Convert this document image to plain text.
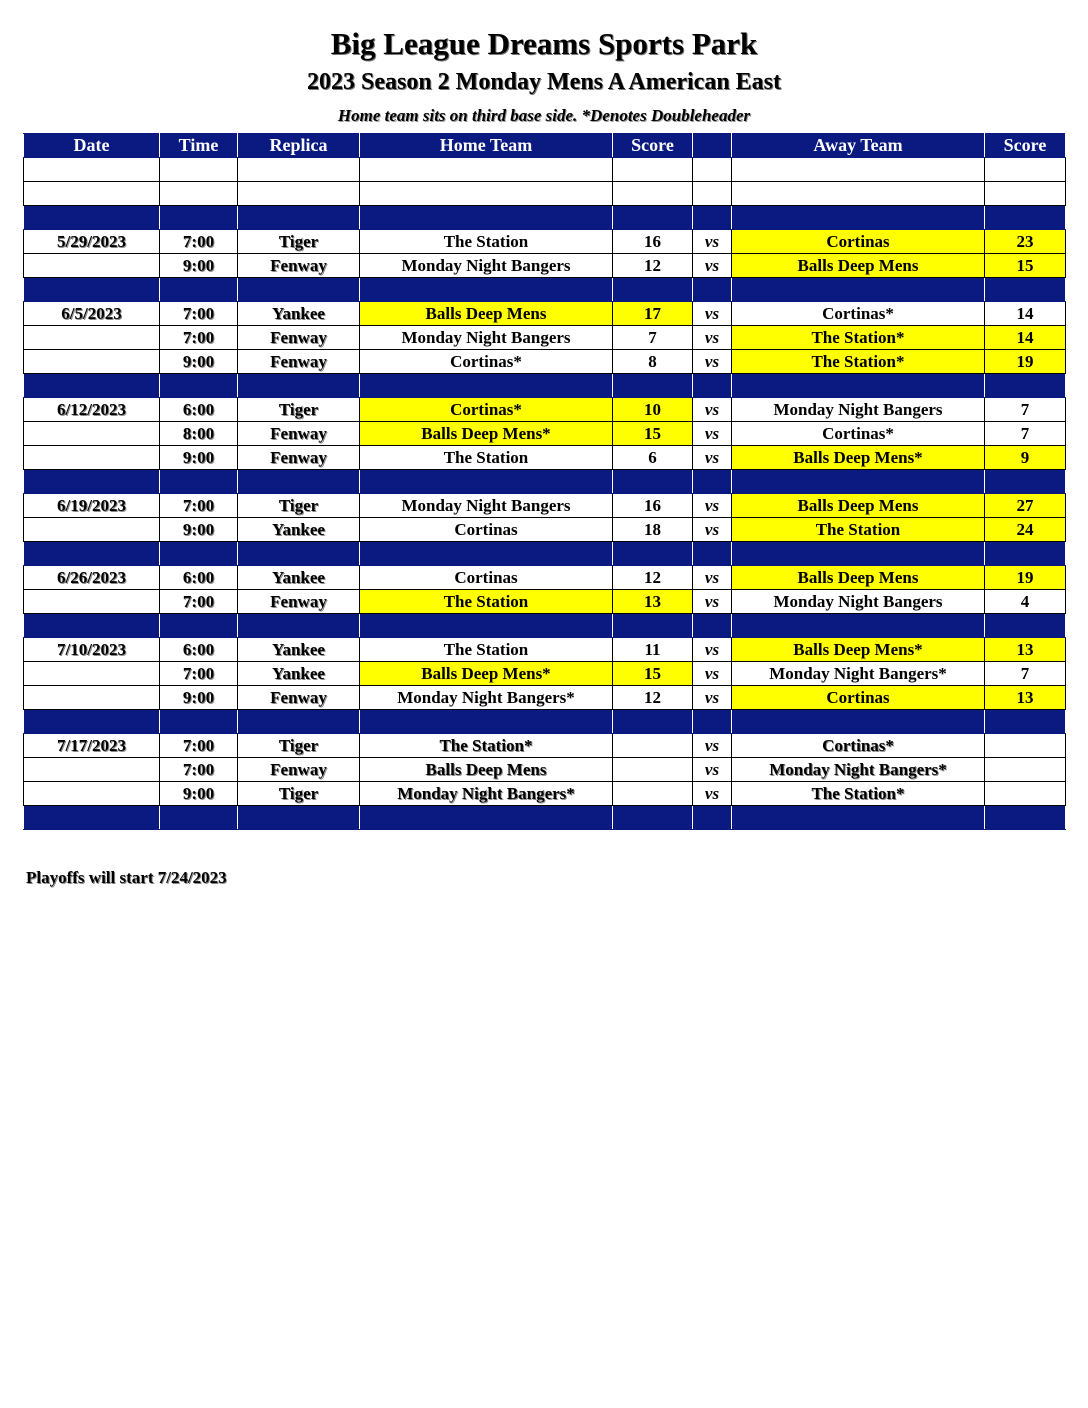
Big League Dreams Sports Park
2023 Season 2 Monday Mens A American East
Home team sits on third base side. *Denotes Doubleheader
Date	Time	Replica	Home Team	Score		Away Team	Score

5/29/2023	7:00	Tiger	The Station	16	vs	Cortinas	23
	9:00	Fenway	Monday Night Bangers	12	vs	Balls Deep Mens	15

6/5/2023	7:00	Yankee	Balls Deep Mens	17	vs	Cortinas*	14
	7:00	Fenway	Monday Night Bangers	7	vs	The Station*	14
	9:00	Fenway	Cortinas*	8	vs	The Station*	19

6/12/2023	6:00	Tiger	Cortinas*	10	vs	Monday Night Bangers	7
	8:00	Fenway	Balls Deep Mens*	15	vs	Cortinas*	7
	9:00	Fenway	The Station	6	vs	Balls Deep Mens*	9

6/19/2023	7:00	Tiger	Monday Night Bangers	16	vs	Balls Deep Mens	27
	9:00	Yankee	Cortinas	18	vs	The Station	24

6/26/2023	6:00	Yankee	Cortinas	12	vs	Balls Deep Mens	19
	7:00	Fenway	The Station	13	vs	Monday Night Bangers	4

7/10/2023	6:00	Yankee	The Station	11	vs	Balls Deep Mens*	13
	7:00	Yankee	Balls Deep Mens*	15	vs	Monday Night Bangers*	7
	9:00	Fenway	Monday Night Bangers*	12	vs	Cortinas	13

7/17/2023	7:00	Tiger	The Station*		vs	Cortinas*	
	7:00	Fenway	Balls Deep Mens		vs	Monday Night Bangers*	
	9:00	Tiger	Monday Night Bangers*		vs	The Station*	

Playoffs will start 7/24/2023
